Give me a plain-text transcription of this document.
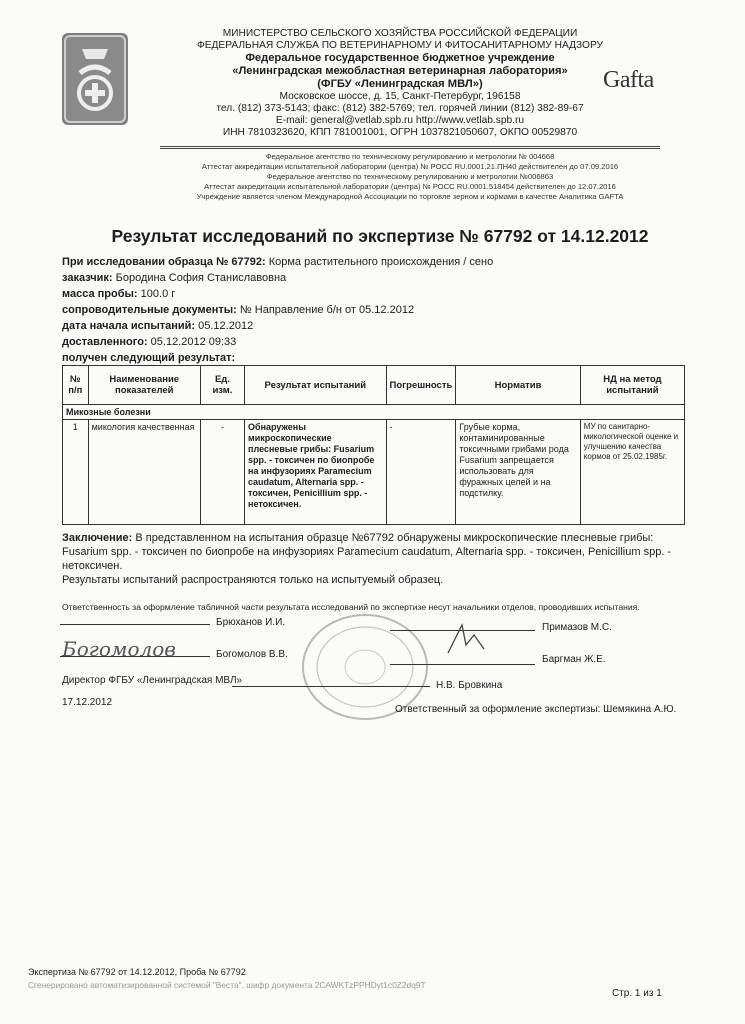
МИНИСТЕРСТВО СЕЛЬСКОГО ХОЗЯЙСТВА РОССИЙСКОЙ ФЕДЕРАЦИИ
ФЕДЕРАЛЬНАЯ СЛУЖБА ПО ВЕТЕРИНАРНОМУ И ФИТОСАНИТАРНОМУ НАДЗОРУ
Федеральное государственное бюджетное учреждение
«Ленинградская межобластная ветеринарная лаборатория»
(ФГБУ «Ленинградская МВЛ»)
Московское шоссе, д. 15, Санкт-Петербург, 196158
тел. (812) 373-5143; факс: (812) 382-5769; тел. горячей линии (812) 382-89-67
E-mail: general@vetlab.spb.ru http://www.vetlab.spb.ru
ИНН 7810323620, КПП 781001001, ОГРН 1037821050607, ОКПО 00529870
Gafta
Федеральное агентство по техническому регулированию и метрологии № 004668
Аттестат аккредитации испытательной лаборатории (центра) № РОСС RU.0001.21.ПН40 действителен до 07.09.2016
Федеральное агентство по техническому регулированию и метрологии №006863
Аттестат аккредитации испытательной лаборатории (центра) № РОСС RU.0001.518454 действителен до 12.07.2016
Учреждение является членом Международной Ассоциации по торговле зерном и кормами в качестве Аналитика GAFTA
Результат исследований по экспертизе № 67792 от 14.12.2012
При исследовании образца № 67792: Корма растительного происхождения / сено
заказчик: Бородина София Станиславовна
масса пробы: 100.0 г
сопроводительные документы: № Направление б/н от 05.12.2012
дата начала испытаний: 05.12.2012
доставленного: 05.12.2012 09:33
получен следующий результат:
№ п/п	Наименование показателей	Ед. изм.	Результат испытаний	Погрешность	Норматив	НД на метод испытаний
Микозные болезни						
1	микология качественная	-	Обнаружены микроскопические плесневые грибы: Fusarium spp. - токсичен по биопробе на инфузориях Paramecium caudatum, Alternaria spp. - токсичен, Penicillium spp. - нетоксичен.	-	Грубые корма, контаминированные токсичными грибами рода Fusarium запрещается использовать для фуражных целей и на подстилку.	МУ по санитарно-микологической оценке и улучшению качества кормов от 25.02.1985г.
Заключение: В представленном на испытания образце №67792 обнаружены микроскопические плесневые грибы: Fusarium spp. - токсичен по биопробе на инфузориях Paramecium caudatum, Alternaria spp. - токсичен, Penicillium spp. - нетоксичен.
Результаты испытаний распространяются только на испытуемый образец.
Ответственность за оформление табличной части результата исследований по экспертизе несут начальники отделов, проводивших испытания.
Брюханов И.И.	Примазов М.С.
Богомолов	Богомолов В.В.	Баргман Ж.Е.
Директор ФГБУ «Ленинградская МВЛ»	Н.В. Бровкина
17.12.2012
Ответственный за оформление экспертизы: Шемякина А.Ю.
Экспертиза № 67792 от 14.12.2012, Проба № 67792
Сгенерировано автоматизированной системой "Веста", шифр документа 2CAWKTzPPHDyt1c0Z2dq9T
Стр. 1 из 1
